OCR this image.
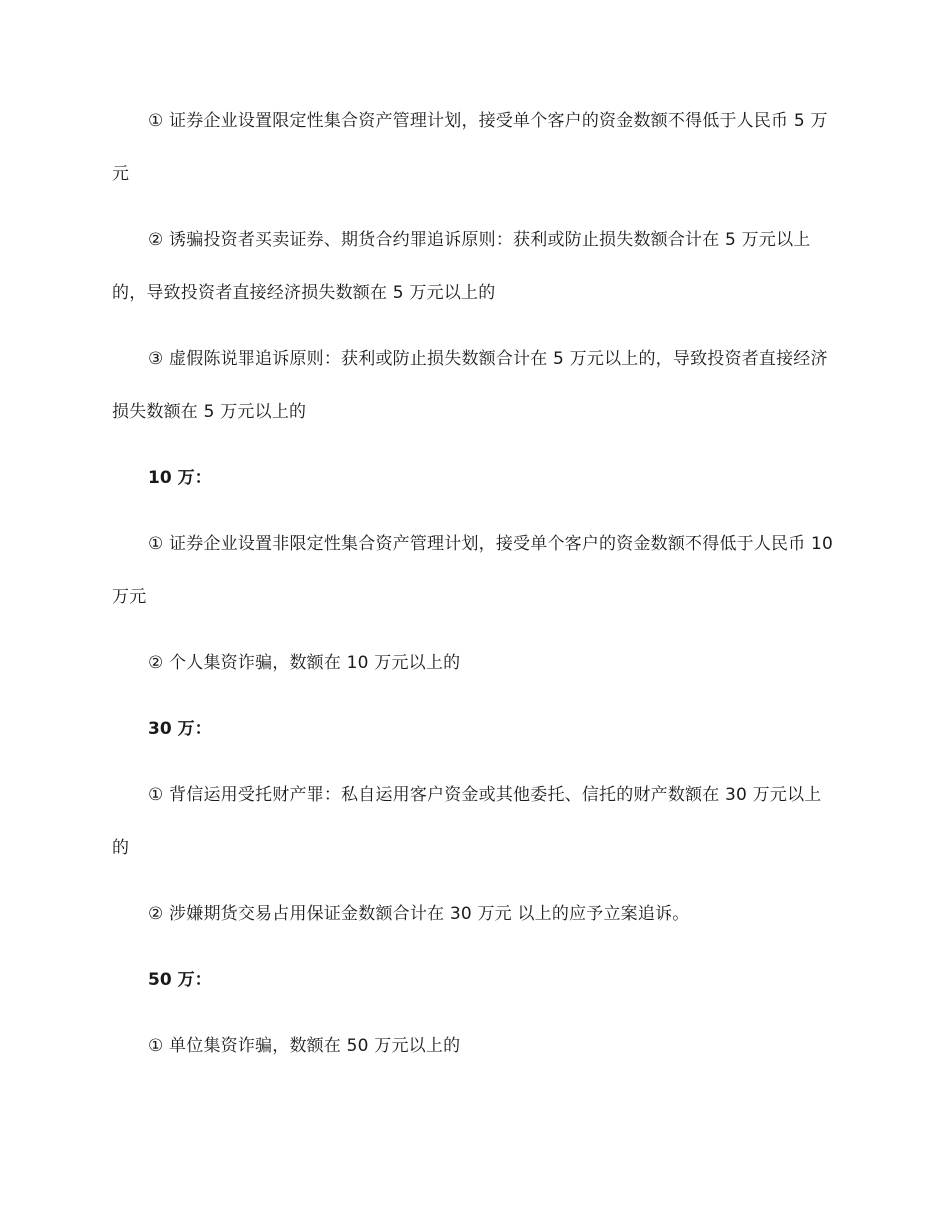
① 证券企业设置限定性集合资产管理计划，接受单个客户的资金数额不得低于人民币 5 万元

② 诱骗投资者买卖证券、期货合约罪追诉原则：获利或防止损失数额合计在 5 万元以上的，导致投资者直接经济损失数额在 5 万元以上的

③ 虚假陈说罪追诉原则：获利或防止损失数额合计在 5 万元以上的，导致投资者直接经济损失数额在 5 万元以上的

10 万：

① 证券企业设置非限定性集合资产管理计划，接受单个客户的资金数额不得低于人民币 10 万元

② 个人集资诈骗，数额在 10 万元以上的

30 万：

① 背信运用受托财产罪：私自运用客户资金或其他委托、信托的财产数额在 30 万元以上的

② 涉嫌期货交易占用保证金数额合计在 30 万元 以上的应予立案追诉。

50 万：

① 单位集资诈骗，数额在 50 万元以上的
